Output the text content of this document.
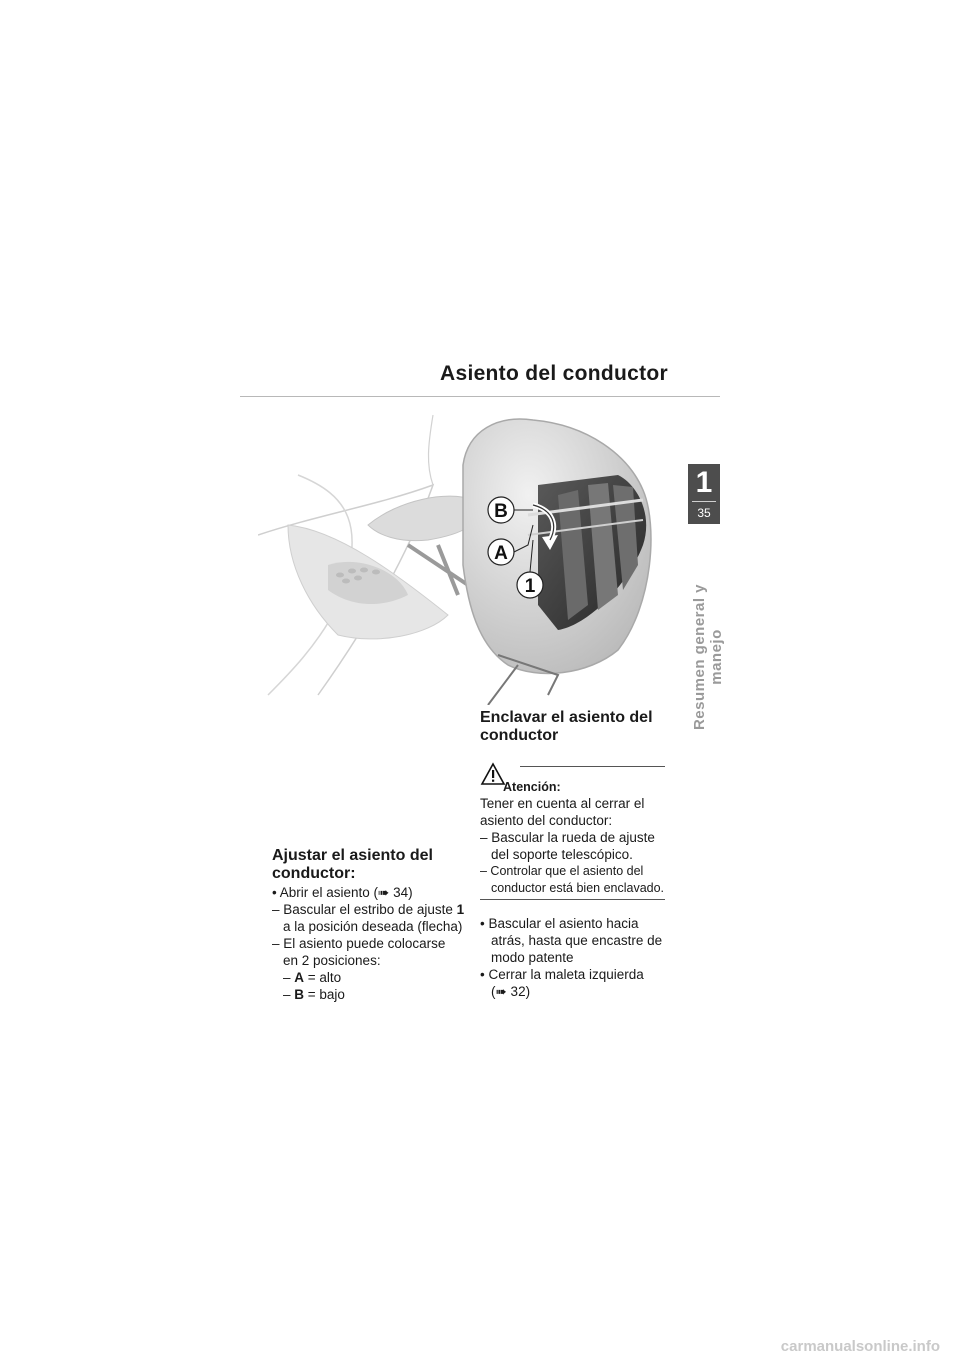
Asiento del conductor
1
35
Resumen general y manejo
B
A
1
Enclavar el asiento del
conductor
Atención:
Tener en cuenta al cerrar el
asiento del conductor:
– Bascular la rueda de ajuste
del soporte telescópico.
– Controlar que el asiento del
conductor está bien enclavado.
• Bascular el asiento hacia
atrás, hasta que encastre de
modo patente
• Cerrar la maleta izquierda
(➠ 32)
Ajustar el asiento del
conductor:
• Abrir el asiento (➠ 34)
– Bascular el estribo de ajuste 1
a la posición deseada (flecha)
– El asiento puede colocarse
en 2 posiciones:
– A = alto
– B = bajo
carmanualsonline.info
